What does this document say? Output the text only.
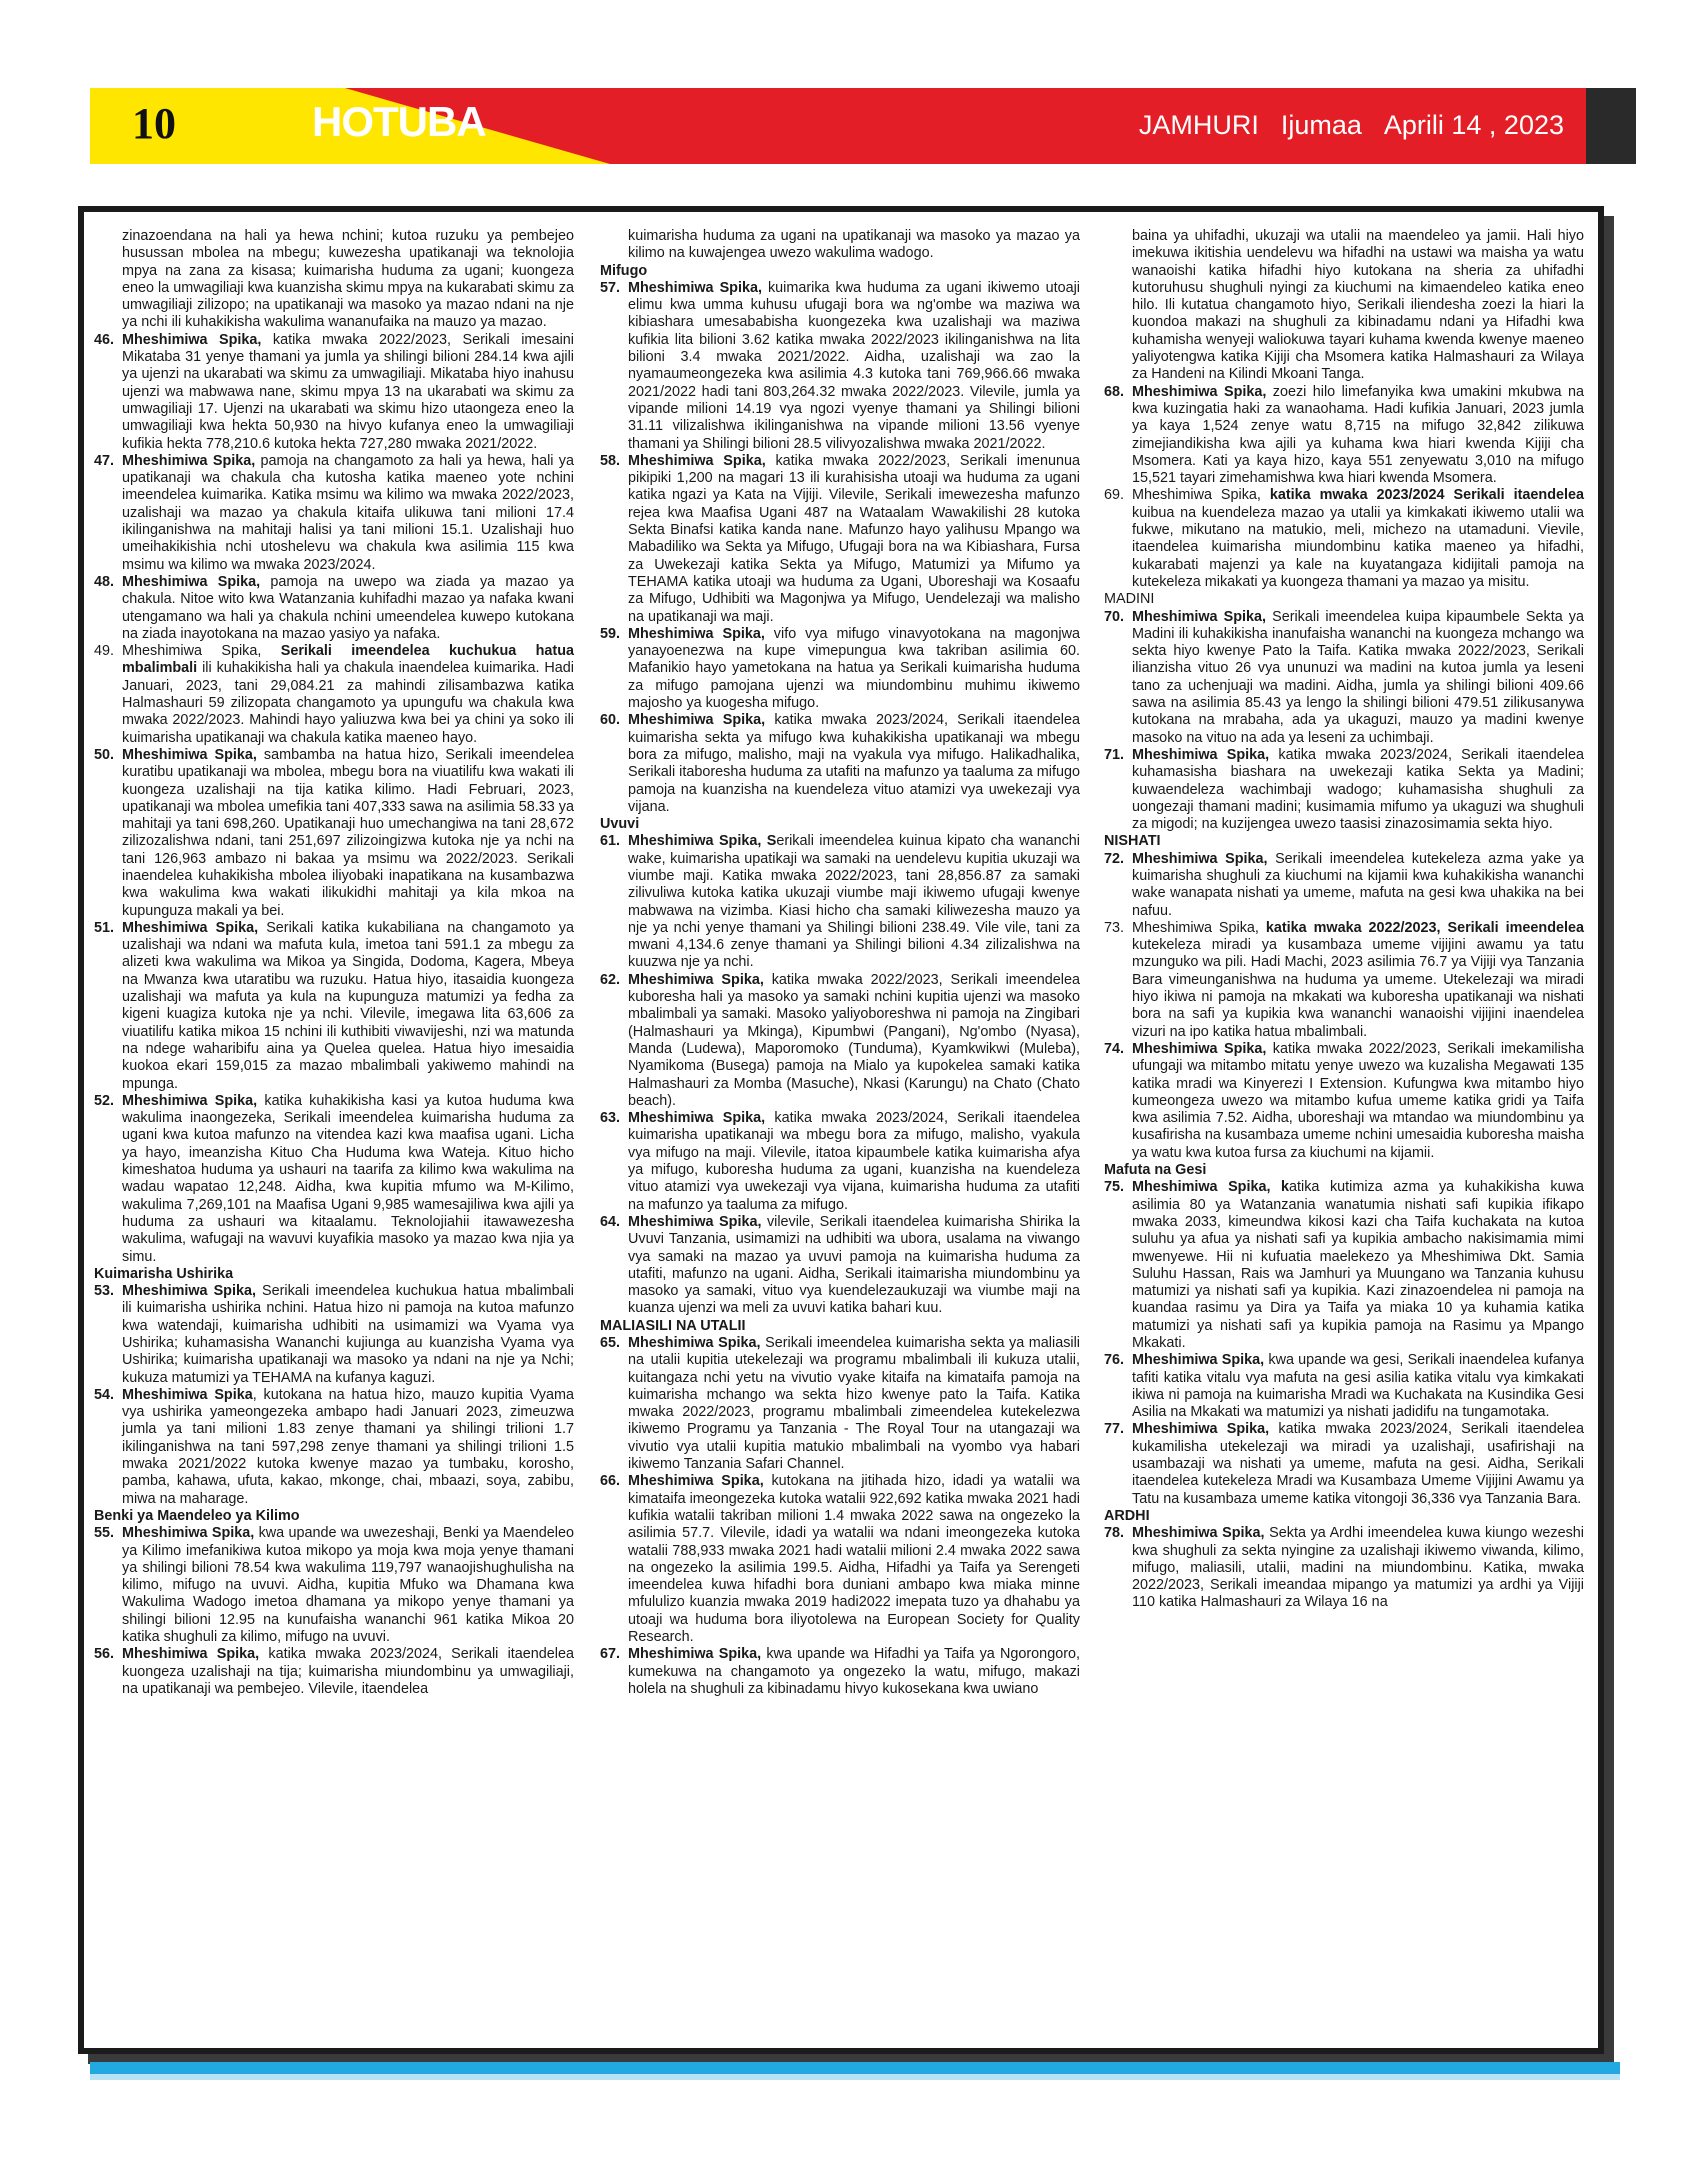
10	HOTUBA	JAMHURI Ijumaa Aprili 14 , 2023

zinazoendana na hali ya hewa nchini; kutoa ruzuku ya pembejeo husussan mbolea na mbegu; kuwezesha upatikanaji wa teknolojia mpya na zana za kisasa; kuimarisha huduma za ugani; kuongeza eneo la umwagiliaji kwa kuanzisha skimu mpya na kukarabati skimu za umwagiliaji zilizopo; na upatikanaji wa masoko ya mazao ndani na nje ya nchi ili kuhakikisha wakulima wananufaika na mauzo ya mazao.

46. Mheshimiwa Spika, katika mwaka 2022/2023, Serikali imesaini Mikataba 31 yenye thamani ya jumla ya shilingi bilioni 284.14 kwa ajili ya ujenzi na ukarabati wa skimu za umwagiliaji. Mikataba hiyo inahusu ujenzi wa mabwawa nane, skimu mpya 13 na ukarabati wa skimu za umwagiliaji 17. Ujenzi na ukarabati wa skimu hizo utaongeza eneo la umwagiliaji kwa hekta 50,930 na hivyo kufanya eneo la umwagiliaji kufikia hekta 778,210.6 kutoka hekta 727,280 mwaka 2021/2022.

47. Mheshimiwa Spika, pamoja na changamoto za hali ya hewa, hali ya upatikanaji wa chakula cha kutosha katika maeneo yote nchini imeendelea kuimarika. Katika msimu wa kilimo wa mwaka 2022/2023, uzalishaji wa mazao ya chakula kitaifa ulikuwa tani milioni 17.4 ikilinganishwa na mahitaji halisi ya tani milioni 15.1. Uzalishaji huo umeihakikishia nchi utoshelevu wa chakula kwa asilimia 115 kwa msimu wa kilimo wa mwaka 2023/2024.

48. Mheshimiwa Spika, pamoja na uwepo wa ziada ya mazao ya chakula. Nitoe wito kwa Watanzania kuhifadhi mazao ya nafaka kwani utengamano wa hali ya chakula nchini umeendelea kuwepo kutokana na ziada inayotokana na mazao yasiyo ya nafaka.

49. Mheshimiwa Spika, Serikali imeendelea kuchukua hatua mbalimbali ili kuhakikisha hali ya chakula inaendelea kuimarika. Hadi Januari, 2023, tani 29,084.21 za mahindi zilisambazwa katika Halmashauri 59 zilizopata changamoto ya upungufu wa chakula kwa mwaka 2022/2023. Mahindi hayo yaliuzwa kwa bei ya chini ya soko ili kuimarisha upatikanaji wa chakula katika maeneo hayo.

50. Mheshimiwa Spika, sambamba na hatua hizo, Serikali imeendelea kuratibu upatikanaji wa mbolea, mbegu bora na viuatilifu kwa wakati ili kuongeza uzalishaji na tija katika kilimo. Hadi Februari, 2023, upatikanaji wa mbolea umefikia tani 407,333 sawa na asilimia 58.33 ya mahitaji ya tani 698,260. Upatikanaji huo umechangiwa na tani 28,672 zilizozalishwa ndani, tani 251,697 zilizoingizwa kutoka nje ya nchi na tani 126,963 ambazo ni bakaa ya msimu wa 2022/2023. Serikali inaendelea kuhakikisha mbolea iliyobaki inapatikana na kusambazwa kwa wakulima kwa wakati ilikukidhi mahitaji ya kila mkoa na kupunguza makali ya bei.

51. Mheshimiwa Spika, Serikali katika kukabiliana na changamoto ya uzalishaji wa ndani wa mafuta kula, imetoa tani 591.1 za mbegu za alizeti kwa wakulima wa Mikoa ya Singida, Dodoma, Kagera, Mbeya na Mwanza kwa utaratibu wa ruzuku. Hatua hiyo, itasaidia kuongeza uzalishaji wa mafuta ya kula na kupunguza matumizi ya fedha za kigeni kuagiza kutoka nje ya nchi. Vilevile, imegawa lita 63,606 za viuatilifu katika mikoa 15 nchini ili kuthibiti viwavijeshi, nzi wa matunda na ndege waharibifu aina ya Quelea quelea. Hatua hiyo imesaidia kuokoa ekari 159,015 za mazao mbalimbali yakiwemo mahindi na mpunga.

52. Mheshimiwa Spika, katika kuhakikisha kasi ya kutoa huduma kwa wakulima inaongezeka, Serikali imeendelea kuimarisha huduma za ugani kwa kutoa mafunzo na vitendea kazi kwa maafisa ugani. Licha ya hayo, imeanzisha Kituo Cha Huduma kwa Wateja. Kituo hicho kimeshatoa huduma ya ushauri na taarifa za kilimo kwa wakulima na wadau wapatao 12,248. Aidha, kwa kupitia mfumo wa M-Kilimo, wakulima 7,269,101 na Maafisa Ugani 9,985 wamesajiliwa kwa ajili ya huduma za ushauri wa kitaalamu. Teknolojiahii itawawezesha wakulima, wafugaji na wavuvi kuyafikia masoko ya mazao kwa njia ya simu.

Kuimarisha Ushirika

53. Mheshimiwa Spika, Serikali imeendelea kuchukua hatua mbalimbali ili kuimarisha ushirika nchini. Hatua hizo ni pamoja na kutoa mafunzo kwa watendaji, kuimarisha udhibiti na usimamizi wa Vyama vya Ushirika; kuhamasisha Wananchi kujiunga au kuanzisha Vyama vya Ushirika; kuimarisha upatikanaji wa masoko ya ndani na nje ya Nchi; kukuza matumizi ya TEHAMA na kufanya kaguzi.

54. Mheshimiwa Spika, kutokana na hatua hizo, mauzo kupitia Vyama vya ushirika yameongezeka ambapo hadi Januari 2023, zimeuzwa jumla ya tani milioni 1.83 zenye thamani ya shilingi trilioni 1.7 ikilinganishwa na tani 597,298 zenye thamani ya shilingi trilioni 1.5 mwaka 2021/2022 kutoka kwenye mazao ya tumbaku, korosho, pamba, kahawa, ufuta, kakao, mkonge, chai, mbaazi, soya, zabibu, miwa na maharage.

Benki ya Maendeleo ya Kilimo

55. Mheshimiwa Spika, kwa upande wa uwezeshaji, Benki ya Maendeleo ya Kilimo imefanikiwa kutoa mikopo ya moja kwa moja yenye thamani ya shilingi bilioni 78.54 kwa wakulima 119,797 wanaojishughulisha na kilimo, mifugo na uvuvi. Aidha, kupitia Mfuko wa Dhamana kwa Wakulima Wadogo imetoa dhamana ya mikopo yenye thamani ya shilingi bilioni 12.95 na kunufaisha wananchi 961 katika Mikoa 20 katika shughuli za kilimo, mifugo na uvuvi.

56. Mheshimiwa Spika, katika mwaka 2023/2024, Serikali itaendelea kuongeza uzalishaji na tija; kuimarisha miundombinu ya umwagiliaji, na upatikanaji wa pembejeo. Vilevile, itaendelea

kuimarisha huduma za ugani na upatikanaji wa masoko ya mazao ya kilimo na kuwajengea uwezo wakulima wadogo.

Mifugo

57. Mheshimiwa Spika, kuimarika kwa huduma za ugani ikiwemo utoaji elimu kwa umma kuhusu ufugaji bora wa ng'ombe wa maziwa wa kibiashara umesababisha kuongezeka kwa uzalishaji wa maziwa kufikia lita bilioni 3.62 katika mwaka 2022/2023 ikilinganishwa na lita bilioni 3.4 mwaka 2021/2022. Aidha, uzalishaji wa zao la nyamaumeongezeka kwa asilimia 4.3 kutoka tani 769,966.66 mwaka 2021/2022 hadi tani 803,264.32 mwaka 2022/2023. Vilevile, jumla ya vipande milioni 14.19 vya ngozi vyenye thamani ya Shilingi bilioni 31.11 vilizalishwa ikilinganishwa na vipande milioni 13.56 vyenye thamani ya Shilingi bilioni 28.5 vilivyozalishwa mwaka 2021/2022.

58. Mheshimiwa Spika, katika mwaka 2022/2023, Serikali imenunua pikipiki 1,200 na magari 13 ili kurahisisha utoaji wa huduma za ugani katika ngazi ya Kata na Vijiji. Vilevile, Serikali imewezesha mafunzo rejea kwa Maafisa Ugani 487 na Wataalam Wawakilishi 28 kutoka Sekta Binafsi katika kanda nane. Mafunzo hayo yalihusu Mpango wa Mabadiliko wa Sekta ya Mifugo, Ufugaji bora na wa Kibiashara, Fursa za Uwekezaji katika Sekta ya Mifugo, Matumizi ya Mifumo ya TEHAMA katika utoaji wa huduma za Ugani, Uboreshaji wa Kosaafu za Mifugo, Udhibiti wa Magonjwa ya Mifugo, Uendelezaji wa malisho na upatikanaji wa maji.

59. Mheshimiwa Spika, vifo vya mifugo vinavyotokana na magonjwa yanayoenezwa na kupe vimepungua kwa takriban asilimia 60. Mafanikio hayo yametokana na hatua ya Serikali kuimarisha huduma za mifugo pamojana ujenzi wa miundombinu muhimu ikiwemo majosho ya kuogesha mifugo.

60. Mheshimiwa Spika, katika mwaka 2023/2024, Serikali itaendelea kuimarisha sekta ya mifugo kwa kuhakikisha upatikanaji wa mbegu bora za mifugo, malisho, maji na vyakula vya mifugo. Halikadhalika, Serikali itaboresha huduma za utafiti na mafunzo ya taaluma za mifugo pamoja na kuanzisha na kuendeleza vituo atamizi vya uwekezaji vya vijana.

Uvuvi

61. Mheshimiwa Spika, Serikali imeendelea kuinua kipato cha wananchi wake, kuimarisha upatikaji wa samaki na uendelevu kupitia ukuzaji wa viumbe maji. Katika mwaka 2022/2023, tani 28,856.87 za samaki zilivuliwa kutoka katika ukuzaji viumbe maji ikiwemo ufugaji kwenye mabwawa na vizimba. Kiasi hicho cha samaki kiliwezesha mauzo ya nje ya nchi yenye thamani ya Shilingi bilioni 238.49. Vile vile, tani za mwani 4,134.6 zenye thamani ya Shilingi bilioni 4.34 zilizalishwa na kuuzwa nje ya nchi.

62. Mheshimiwa Spika, katika mwaka 2022/2023, Serikali imeendelea kuboresha hali ya masoko ya samaki nchini kupitia ujenzi wa masoko mbalimbali ya samaki. Masoko yaliyoboreshwa ni pamoja na Zingibari (Halmashauri ya Mkinga), Kipumbwi (Pangani), Ng'ombo (Nyasa), Manda (Ludewa), Maporomoko (Tunduma), Kyamkwikwi (Muleba), Nyamikoma (Busega) pamoja na Mialo ya kupokelea samaki katika Halmashauri za Momba (Masuche), Nkasi (Karungu) na Chato (Chato beach).

63. Mheshimiwa Spika, katika mwaka 2023/2024, Serikali itaendelea kuimarisha upatikanaji wa mbegu bora za mifugo, malisho, vyakula vya mifugo na maji. Vilevile, itatoa kipaumbele katika kuimarisha afya ya mifugo, kuboresha huduma za ugani, kuanzisha na kuendeleza vituo atamizi vya uwekezaji vya vijana, kuimarisha huduma za utafiti na mafunzo ya taaluma za mifugo.

64. Mheshimiwa Spika, vilevile, Serikali itaendelea kuimarisha Shirika la Uvuvi Tanzania, usimamizi na udhibiti wa ubora, usalama na viwango vya samaki na mazao ya uvuvi pamoja na kuimarisha huduma za utafiti, mafunzo na ugani. Aidha, Serikali itaimarisha miundombinu ya masoko ya samaki, vituo vya kuendelezaukuzaji wa viumbe maji na kuanza ujenzi wa meli za uvuvi katika bahari kuu.

MALIASILI NA UTALII

65. Mheshimiwa Spika, Serikali imeendelea kuimarisha sekta ya maliasili na utalii kupitia utekelezaji wa programu mbalimbali ili kukuza utalii, kuitangaza nchi yetu na vivutio vyake kitaifa na kimataifa pamoja na kuimarisha mchango wa sekta hizo kwenye pato la Taifa. Katika mwaka 2022/2023, programu mbalimbali zimeendelea kutekelezwa ikiwemo Programu ya Tanzania - The Royal Tour na utangazaji wa vivutio vya utalii kupitia matukio mbalimbali na vyombo vya habari ikiwemo Tanzania Safari Channel.

66. Mheshimiwa Spika, kutokana na jitihada hizo, idadi ya watalii wa kimataifa imeongezeka kutoka watalii 922,692 katika mwaka 2021 hadi kufikia watalii takriban milioni 1.4 mwaka 2022 sawa na ongezeko la asilimia 57.7. Vilevile, idadi ya watalii wa ndani imeongezeka kutoka watalii 788,933 mwaka 2021 hadi watalii milioni 2.4 mwaka 2022 sawa na ongezeko la asilimia 199.5. Aidha, Hifadhi ya Taifa ya Serengeti imeendelea kuwa hifadhi bora duniani ambapo kwa miaka minne mfululizo kuanzia mwaka 2019 hadi2022 imepata tuzo ya dhahabu ya utoaji wa huduma bora iliyotolewa na European Society for Quality Research.

67. Mheshimiwa Spika, kwa upande wa Hifadhi ya Taifa ya Ngorongoro, kumekuwa na changamoto ya ongezeko la watu, mifugo, makazi holela na shughuli za kibinadamu hivyo kukosekana kwa uwiano

baina ya uhifadhi, ukuzaji wa utalii na maendeleo ya jamii. Hali hiyo imekuwa ikitishia uendelevu wa hifadhi na ustawi wa maisha ya watu wanaoishi katika hifadhi hiyo kutokana na sheria za uhifadhi kutoruhusu shughuli nyingi za kiuchumi na kimaendeleo katika eneo hilo. Ili kutatua changamoto hiyo, Serikali iliendesha zoezi la hiari la kuondoa makazi na shughuli za kibinadamu ndani ya Hifadhi kwa kuhamisha wenyeji waliokuwa tayari kuhama kwenda kwenye maeneo yaliyotengwa katika Kijiji cha Msomera katika Halmashauri za Wilaya za Handeni na Kilindi Mkoani Tanga.

68. Mheshimiwa Spika, zoezi hilo limefanyika kwa umakini mkubwa na kwa kuzingatia haki za wanaohama. Hadi kufikia Januari, 2023 jumla ya kaya 1,524 zenye watu 8,715 na mifugo 32,842 zilikuwa zimejiandikisha kwa ajili ya kuhama kwa hiari kwenda Kijiji cha Msomera. Kati ya kaya hizo, kaya 551 zenyewatu 3,010 na mifugo 15,521 tayari zimehamishwa kwa hiari kwenda Msomera.

69. Mheshimiwa Spika, katika mwaka 2023/2024 Serikali itaendelea kuibua na kuendeleza mazao ya utalii ya kimkakati ikiwemo utalii wa fukwe, mikutano na matukio, meli, michezo na utamaduni. Vievile, itaendelea kuimarisha miundombinu katika maeneo ya hifadhi, kukarabati majenzi ya kale na kuyatangaza kidijitali pamoja na kutekeleza mikakati ya kuongeza thamani ya mazao ya misitu.

MADINI

70. Mheshimiwa Spika, Serikali imeendelea kuipa kipaumbele Sekta ya Madini ili kuhakikisha inanufaisha wananchi na kuongeza mchango wa sekta hiyo kwenye Pato la Taifa. Katika mwaka 2022/2023, Serikali ilianzisha vituo 26 vya ununuzi wa madini na kutoa jumla ya leseni tano za uchenjuaji wa madini. Aidha, jumla ya shilingi bilioni 409.66 sawa na asilimia 85.43 ya lengo la shilingi bilioni 479.51 zilikusanywa kutokana na mrabaha, ada ya ukaguzi, mauzo ya madini kwenye masoko na vituo na ada ya leseni za uchimbaji.

71. Mheshimiwa Spika, katika mwaka 2023/2024, Serikali itaendelea kuhamasisha biashara na uwekezaji katika Sekta ya Madini; kuwaendeleza wachimbaji wadogo; kuhamasisha shughuli za uongezaji thamani madini; kusimamia mifumo ya ukaguzi wa shughuli za migodi; na kuzijengea uwezo taasisi zinazosimamia sekta hiyo.

NISHATI

72. Mheshimiwa Spika, Serikali imeendelea kutekeleza azma yake ya kuimarisha shughuli za kiuchumi na kijamii kwa kuhakikisha wananchi wake wanapata nishati ya umeme, mafuta na gesi kwa uhakika na bei nafuu.

73. Mheshimiwa Spika, katika mwaka 2022/2023, Serikali imeendelea kutekeleza miradi ya kusambaza umeme vijijini awamu ya tatu mzunguko wa pili. Hadi Machi, 2023 asilimia 76.7 ya Vijiji vya Tanzania Bara vimeunganishwa na huduma ya umeme. Utekelezaji wa miradi hiyo ikiwa ni pamoja na mkakati wa kuboresha upatikanaji wa nishati bora na safi ya kupikia kwa wananchi wanaoishi vijijini inaendelea vizuri na ipo katika hatua mbalimbali.

74. Mheshimiwa Spika, katika mwaka 2022/2023, Serikali imekamilisha ufungaji wa mitambo mitatu yenye uwezo wa kuzalisha Megawati 135 katika mradi wa Kinyerezi I Extension. Kufungwa kwa mitambo hiyo kumeongeza uwezo wa mitambo kufua umeme katika gridi ya Taifa kwa asilimia 7.52. Aidha, uboreshaji wa mtandao wa miundombinu ya kusafirisha na kusambaza umeme nchini umesaidia kuboresha maisha ya watu kwa kutoa fursa za kiuchumi na kijamii.

Mafuta na Gesi

75. Mheshimiwa Spika, katika kutimiza azma ya kuhakikisha kuwa asilimia 80 ya Watanzania wanatumia nishati safi kupikia ifikapo mwaka 2033, kimeundwa kikosi kazi cha Taifa kuchakata na kutoa suluhu ya afua ya nishati safi ya kupikia ambacho nakisimamia mimi mwenyewe. Hii ni kufuatia maelekezo ya Mheshimiwa Dkt. Samia Suluhu Hassan, Rais wa Jamhuri ya Muungano wa Tanzania kuhusu matumizi ya nishati safi ya kupikia. Kazi zinazoendelea ni pamoja na kuandaa rasimu ya Dira ya Taifa ya miaka 10 ya kuhamia katika matumizi ya nishati safi ya kupikia pamoja na Rasimu ya Mpango Mkakati.

76. Mheshimiwa Spika, kwa upande wa gesi, Serikali inaendelea kufanya tafiti katika vitalu vya mafuta na gesi asilia katika vitalu vya kimkakati ikiwa ni pamoja na kuimarisha Mradi wa Kuchakata na Kusindika Gesi Asilia na Mkakati wa matumizi ya nishati jadidifu na tungamotaka.

77. Mheshimiwa Spika, katika mwaka 2023/2024, Serikali itaendelea kukamilisha utekelezaji wa miradi ya uzalishaji, usafirishaji na usambazaji wa nishati ya umeme, mafuta na gesi. Aidha, Serikali itaendelea kutekeleza Mradi wa Kusambaza Umeme Vijijini Awamu ya Tatu na kusambaza umeme katika vitongoji 36,336 vya Tanzania Bara.

ARDHI

78. Mheshimiwa Spika, Sekta ya Ardhi imeendelea kuwa kiungo wezeshi kwa shughuli za sekta nyingine za uzalishaji ikiwemo viwanda, kilimo, mifugo, maliasili, utalii, madini na miundombinu. Katika, mwaka 2022/2023, Serikali imeandaa mipango ya matumizi ya ardhi ya Vijiji 110 katika Halmashauri za Wilaya 16 na
